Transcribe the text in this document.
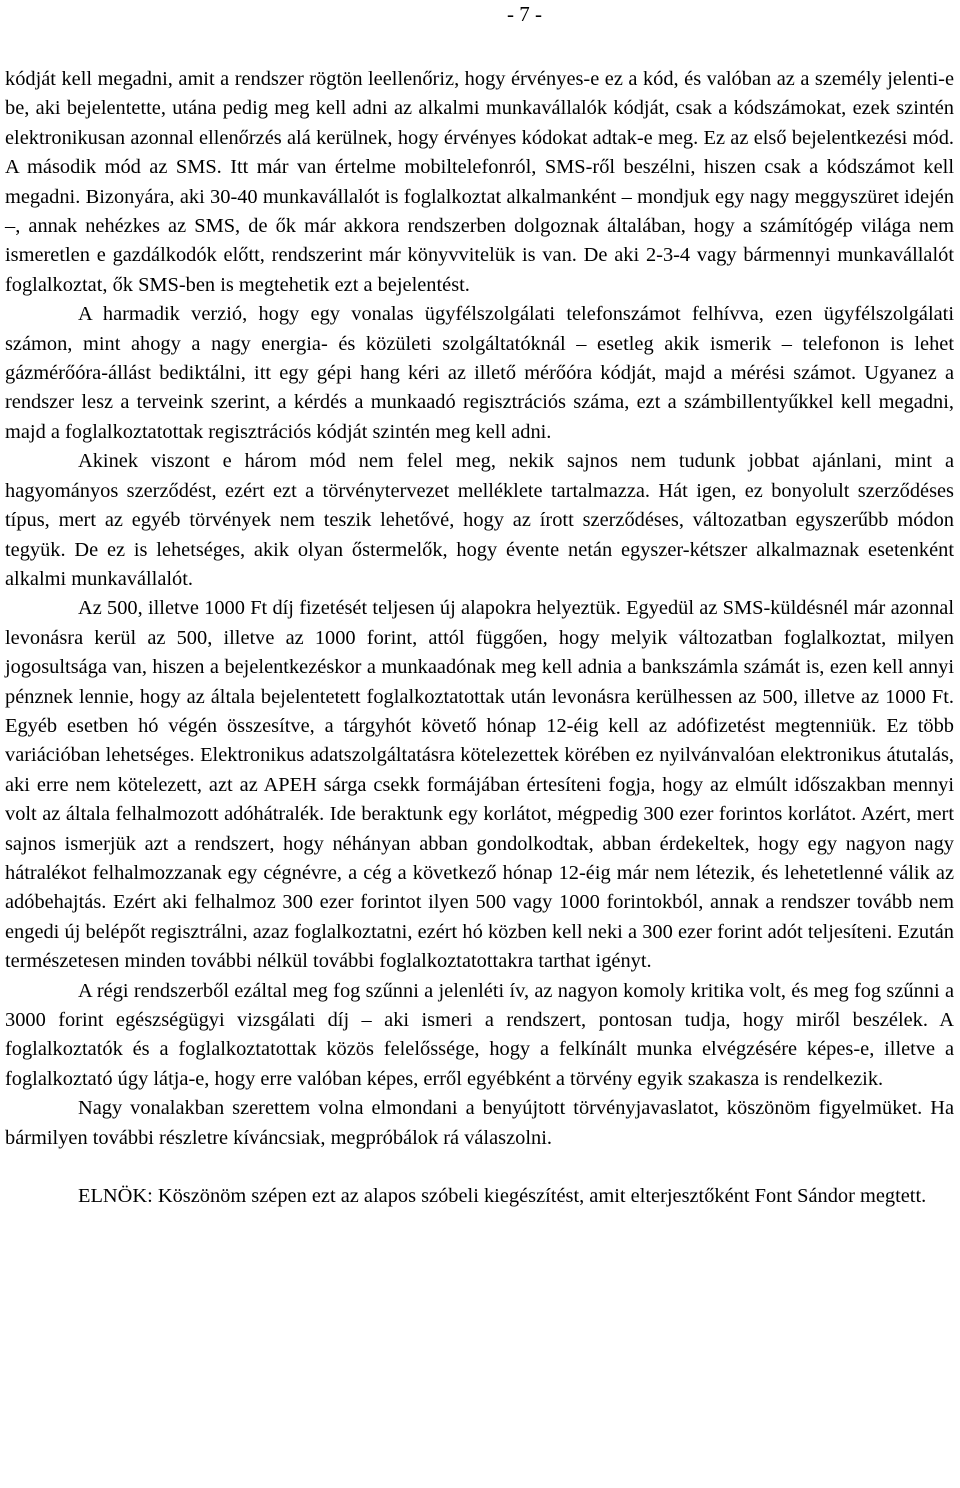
- 7 -

kódját kell megadni, amit a rendszer rögtön leellenőriz, hogy érvényes-e ez a kód, és valóban az a személy jelenti-e be, aki bejelentette, utána pedig meg kell adni az alkalmi munkavállalók kódját, csak a kódszámokat, ezek szintén elektronikusan azonnal ellenőrzés alá kerülnek, hogy érvényes kódokat adtak-e meg. Ez az első bejelentkezési mód. A második mód az SMS. Itt már van értelme mobiltelefonról, SMS-ről beszélni, hiszen csak a kódszámot kell megadni. Bizonyára, aki 30-40 munkavállalót is foglalkoztat alkalmanként – mondjuk egy nagy meggyszüret idején –, annak nehézkes az SMS, de ők már akkora rendszerben dolgoznak általában, hogy a számítógép világa nem ismeretlen e gazdálkodók előtt, rendszerint már könyvvitelük is van. De aki 2-3-4 vagy bármennyi munkavállalót foglalkoztat, ők SMS-ben is megtehetik ezt a bejelentést.

A harmadik verzió, hogy egy vonalas ügyfélszolgálati telefonszámot felhívva, ezen ügyfélszolgálati számon, mint ahogy a nagy energia- és közületi szolgáltatóknál – esetleg akik ismerik – telefonon is lehet gázmérőóra-állást bediktálni, itt egy gépi hang kéri az illető mérőóra kódját, majd a mérési számot. Ugyanez a rendszer lesz a terveink szerint, a kérdés a munkaadó regisztrációs száma, ezt a számbillentyűkkel kell megadni, majd a foglalkoztatottak regisztrációs kódját szintén meg kell adni.

Akinek viszont e három mód nem felel meg, nekik sajnos nem tudunk jobbat ajánlani, mint a hagyományos szerződést, ezért ezt a törvénytervezet melléklete tartalmazza. Hát igen, ez bonyolult szerződéses típus, mert az egyéb törvények nem teszik lehetővé, hogy az írott szerződéses, változatban egyszerűbb módon tegyük. De ez is lehetséges, akik olyan őstermelők, hogy évente netán egyszer-kétszer alkalmaznak esetenként alkalmi munkavállalót.

Az 500, illetve 1000 Ft díj fizetését teljesen új alapokra helyeztük. Egyedül az SMS-küldésnél már azonnal levonásra kerül az 500, illetve az 1000 forint, attól függően, hogy melyik változatban foglalkoztat, milyen jogosultsága van, hiszen a bejelentkezéskor a munkaadónak meg kell adnia a bankszámla számát is, ezen kell annyi pénznek lennie, hogy az általa bejelentetett foglalkoztatottak után levonásra kerülhessen az 500, illetve az 1000 Ft. Egyéb esetben hó végén összesítve, a tárgyhót követő hónap 12-éig kell az adófizetést megtenniük. Ez több variációban lehetséges. Elektronikus adatszolgáltatásra kötelezettek körében ez nyilvánvalóan elektronikus átutalás, aki erre nem kötelezett, azt az APEH sárga csekk formájában értesíteni fogja, hogy az elmúlt időszakban mennyi volt az általa felhalmozott adóhátralék. Ide beraktunk egy korlátot, mégpedig 300 ezer forintos korlátot. Azért, mert sajnos ismerjük azt a rendszert, hogy néhányan abban gondolkodtak, abban érdekeltek, hogy egy nagyon nagy hátralékot felhalmozzanak egy cégnévre, a cég a következő hónap 12-éig már nem létezik, és lehetetlenné válik az adóbehajtás. Ezért aki felhalmoz 300 ezer forintot ilyen 500 vagy 1000 forintokból, annak a rendszer tovább nem engedi új belépőt regisztrálni, azaz foglalkoztatni, ezért hó közben kell neki a 300 ezer forint adót teljesíteni. Ezután természetesen minden további nélkül további foglalkoztatottakra tarthat igényt.

A régi rendszerből ezáltal meg fog szűnni a jelenléti ív, az nagyon komoly kritika volt, és meg fog szűnni a 3000 forint egészségügyi vizsgálati díj – aki ismeri a rendszert, pontosan tudja, hogy miről beszélek. A foglalkoztatók és a foglalkoztatottak közös felelőssége, hogy a felkínált munka elvégzésére képes-e, illetve a foglalkoztató úgy látja-e, hogy erre valóban képes, erről egyébként a törvény egyik szakasza is rendelkezik.

Nagy vonalakban szerettem volna elmondani a benyújtott törvényjavaslatot, köszönöm figyelmüket. Ha bármilyen további részletre kíváncsiak, megpróbálok rá válaszolni.

ELNÖK: Köszönöm szépen ezt az alapos szóbeli kiegészítést, amit elterjesztőként Font Sándor megtett.
